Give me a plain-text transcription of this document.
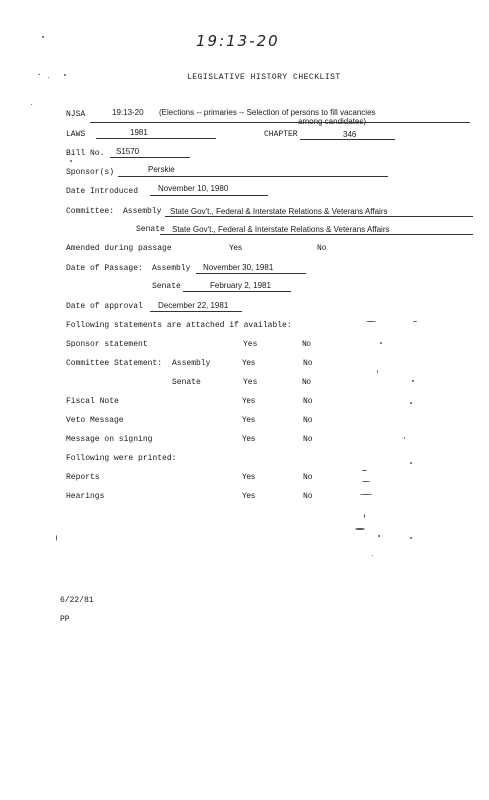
19:13-20
LEGISLATIVE HISTORY CHECKLIST
NJSA	19:13-20 (Elections -- primaries -- Selection of persons to fill vacancies
among candidates)
LAWS	1981	CHAPTER	346
Bill No. S1570
Sponsor(s)	Perskie
Date Introduced November 10, 1980
Committee: Assembly State Gov't., Federal & Interstate Relations & Veterans Affairs
Senate State Gov't., Federal & Interstate Relations & Veterans Affairs
Amended during passage	Yes	No
Date of Passage: Assembly November 30, 1981
Senate	February 2, 1981
Date of approval December 22, 1981
Following statements are attached if available:
Sponsor statement	Yes	No
Committee Statement: Assembly	Yes	No
Senate	Yes	No
Fiscal Note	Yes	No
Veto Message	Yes	No
Message on signing	Yes	No
Following were printed:
Reports	Yes	No
Hearings	Yes	No
6/22/81
PP
